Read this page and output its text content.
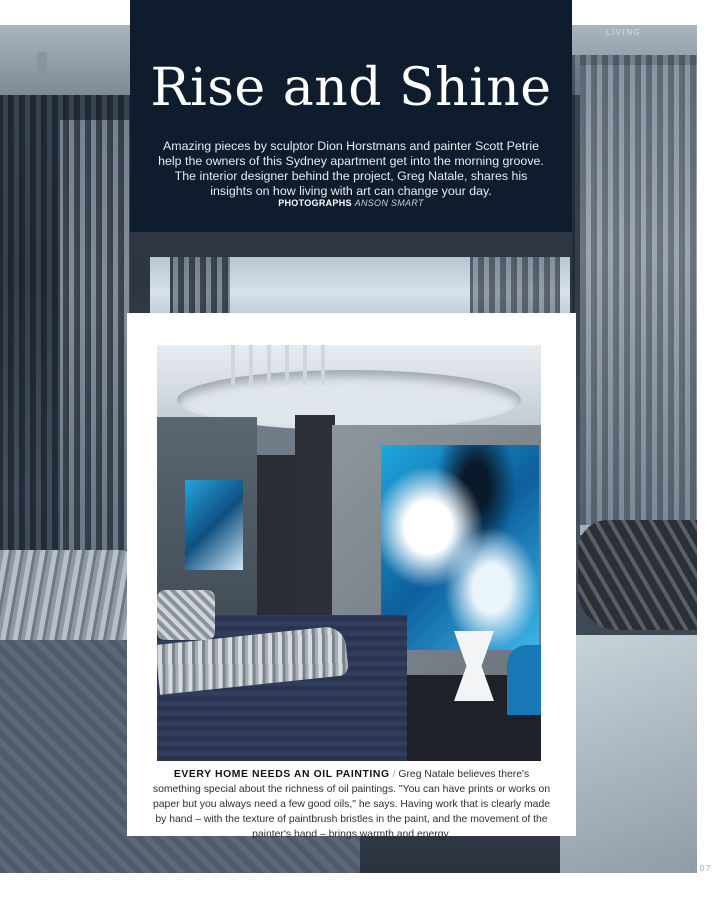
LIVING
Rise and Shine
Amazing pieces by sculptor Dion Horstmans and painter Scott Petrie help the owners of this Sydney apartment get into the morning groove. The interior designer behind the project, Greg Natale, shares his insights on how living with art can change your day.
PHOTOGRAPHS ANSON SMART
EVERY HOME NEEDS AN OIL PAINTING / Greg Natale believes there's something special about the richness of oil paintings. "You can have prints or works on paper but you always need a few good oils," he says. Having work that is clearly made by hand – with the texture of paintbrush bristles in the paint, and the movement of the painter's hand – brings warmth and energy.
ART EDIT #2 / P107
